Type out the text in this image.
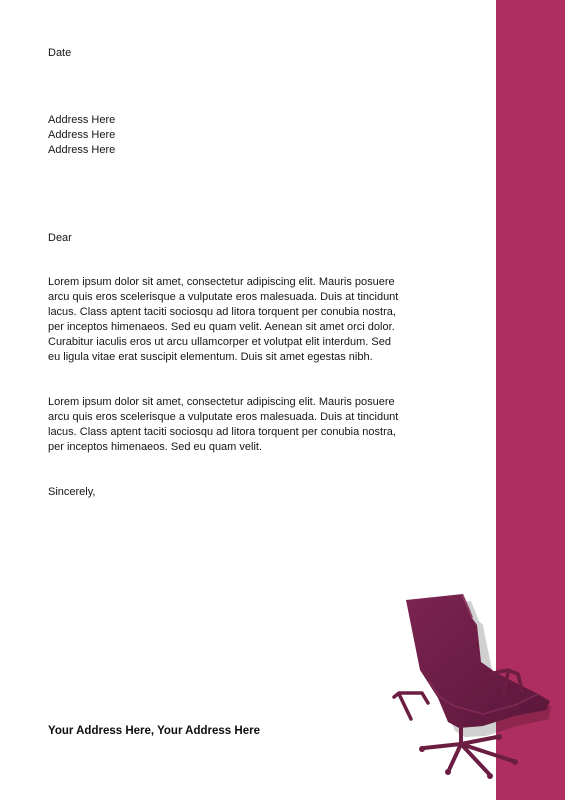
Date
Address Here
Address Here
Address Here
Dear

Lorem ipsum dolor sit amet, consectetur adipiscing elit. Mauris posuere arcu quis eros scelerisque a vulputate eros malesuada. Duis at tincidunt lacus. Class aptent taciti sociosqu ad litora torquent per conubia nostra, per inceptos himenaeos. Sed eu quam velit. Aenean sit amet orci dolor. Curabitur iaculis eros ut arcu ullamcorper et volutpat elit interdum. Sed eu ligula vitae erat suscipit elementum. Duis sit amet egestas nibh.

Lorem ipsum dolor sit amet, consectetur adipiscing elit. Mauris posuere arcu quis eros scelerisque a vulputate eros malesuada. Duis at tincidunt lacus. Class aptent taciti sociosqu ad litora torquent per conubia nostra, per inceptos himenaeos. Sed eu quam velit.

Sincerely,
Your Address Here, Your Address Here
